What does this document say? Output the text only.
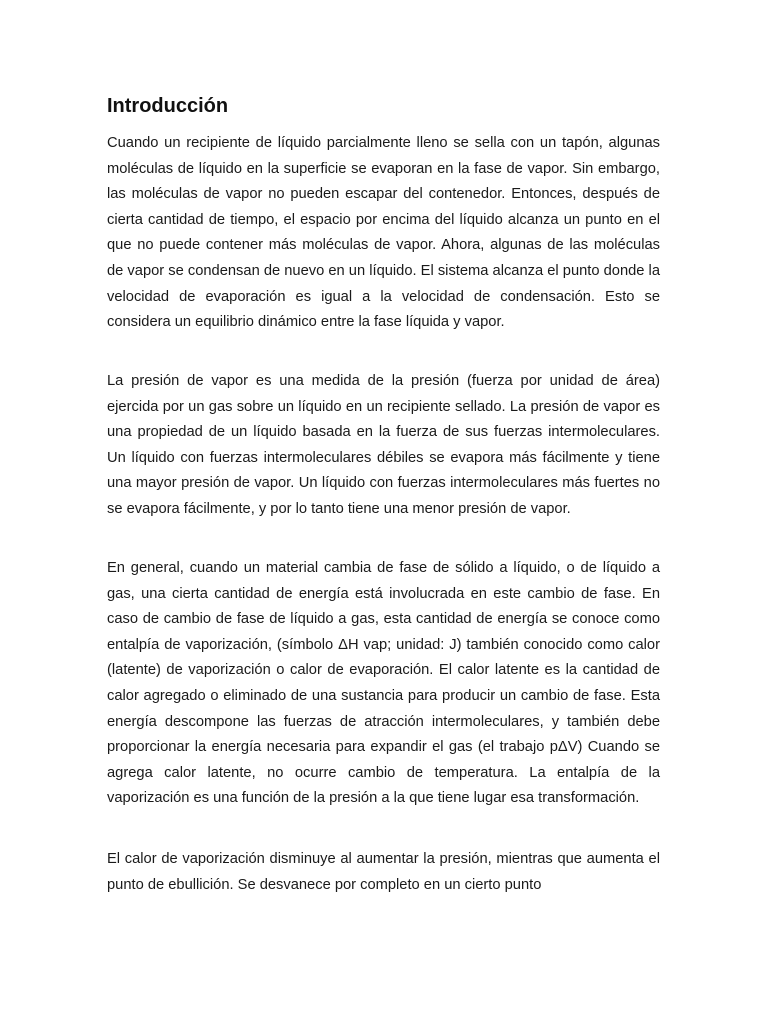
Introducción

Cuando un recipiente de líquido parcialmente lleno se sella con un tapón, algunas moléculas de líquido en la superficie se evaporan en la fase de vapor. Sin embargo, las moléculas de vapor no pueden escapar del contenedor. Entonces, después de cierta cantidad de tiempo, el espacio por encima del líquido alcanza un punto en el que no puede contener más moléculas de vapor. Ahora, algunas de las moléculas de vapor se condensan de nuevo en un líquido. El sistema alcanza el punto donde la velocidad de evaporación es igual a la velocidad de condensación. Esto se considera un equilibrio dinámico entre la fase líquida y vapor.

La presión de vapor es una medida de la presión (fuerza por unidad de área) ejercida por un gas sobre un líquido en un recipiente sellado. La presión de vapor es una propiedad de un líquido basada en la fuerza de sus fuerzas intermoleculares. Un líquido con fuerzas intermoleculares débiles se evapora más fácilmente y tiene una mayor presión de vapor. Un líquido con fuerzas intermoleculares más fuertes no se evapora fácilmente, y por lo tanto tiene una menor presión de vapor.

En general, cuando un material cambia de fase de sólido a líquido, o de líquido a gas, una cierta cantidad de energía está involucrada en este cambio de fase. En caso de cambio de fase de líquido a gas, esta cantidad de energía se conoce como entalpía de vaporización, (símbolo ΔH vap; unidad: J) también conocido como calor (latente) de vaporización o calor de evaporación. El calor latente es la cantidad de calor agregado o eliminado de una sustancia para producir un cambio de fase. Esta energía descompone las fuerzas de atracción intermoleculares, y también debe proporcionar la energía necesaria para expandir el gas (el trabajo pΔV) Cuando se agrega calor latente, no ocurre cambio de temperatura. La entalpía de la vaporización es una función de la presión a la que tiene lugar esa transformación.

El calor de vaporización disminuye al aumentar la presión, mientras que aumenta el punto de ebullición. Se desvanece por completo en un cierto punto
